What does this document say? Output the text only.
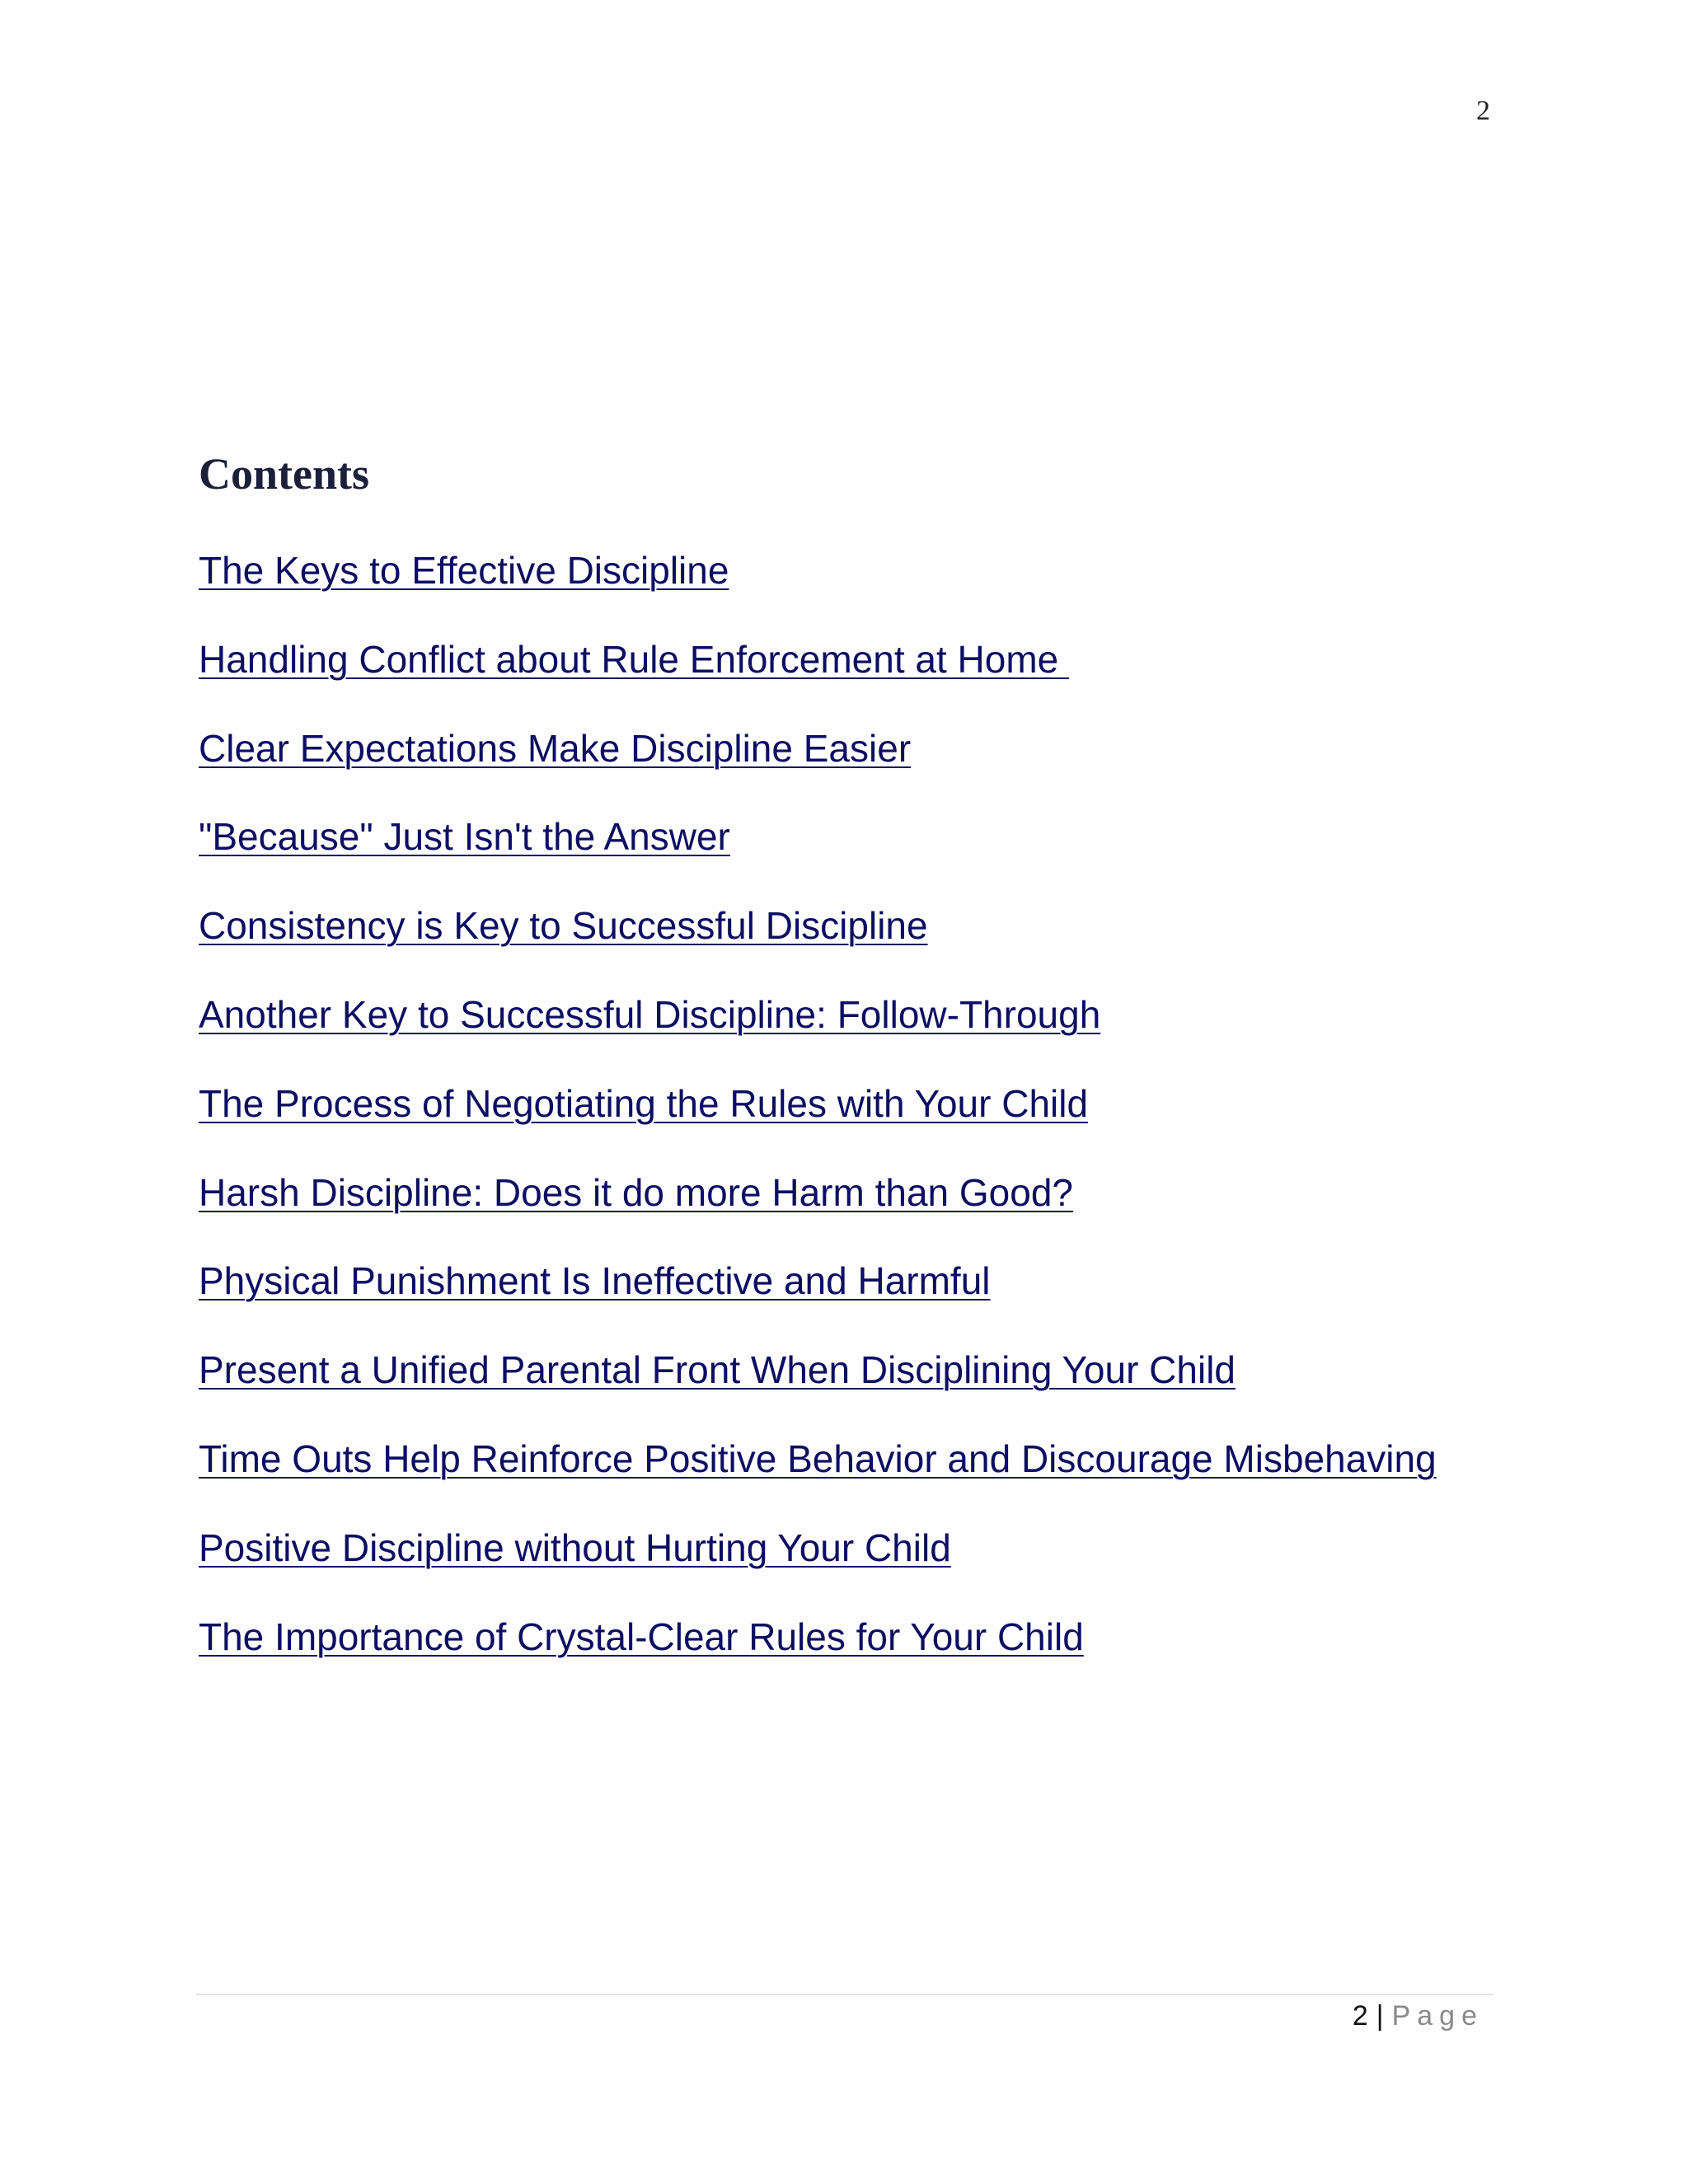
2
Contents
The Keys to Effective Discipline
Handling Conflict about Rule Enforcement at Home
Clear Expectations Make Discipline Easier
"Because" Just Isn't the Answer
Consistency is Key to Successful Discipline
Another Key to Successful Discipline: Follow-Through
The Process of Negotiating the Rules with Your Child
Harsh Discipline: Does it do more Harm than Good?
Physical Punishment Is Ineffective and Harmful
Present a Unified Parental Front When Disciplining Your Child
Time Outs Help Reinforce Positive Behavior and Discourage Misbehaving
Positive Discipline without Hurting Your Child
The Importance of Crystal-Clear Rules for Your Child
2 | Page
